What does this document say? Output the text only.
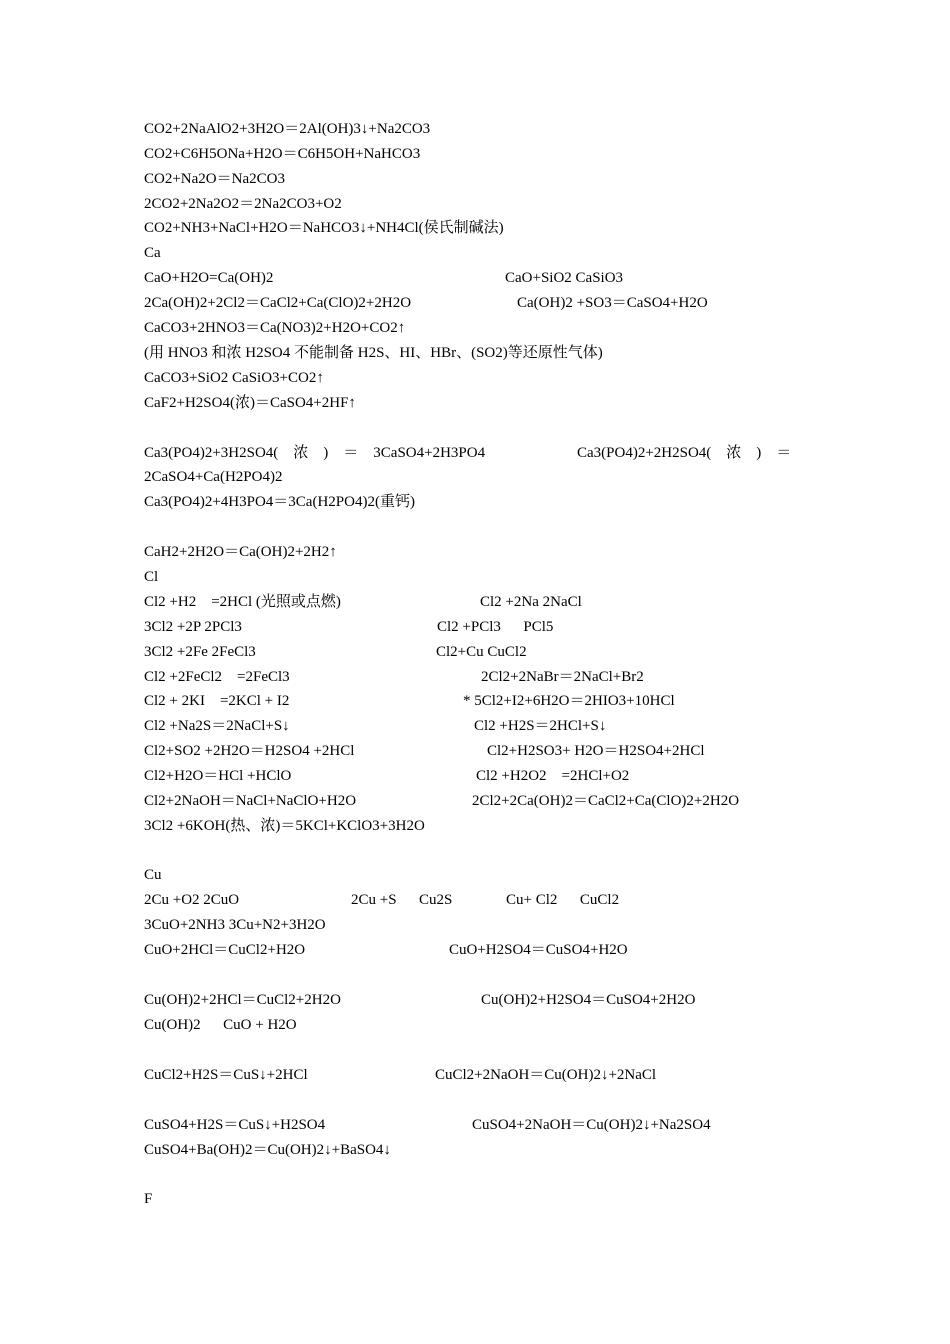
CO2+2NaAlO2+3H2O＝2Al(OH)3↓+Na2CO3
CO2+C6H5ONa+H2O＝C6H5OH+NaHCO3
CO2+Na2O＝Na2CO3
2CO2+2Na2O2＝2Na2CO3+O2
CO2+NH3+NaCl+H2O＝NaHCO3↓+NH4Cl(侯氏制碱法)
Ca
CaO+H2O=Ca(OH)2	CaO+SiO2 CaSiO3
2Ca(OH)2+2Cl2＝CaCl2+Ca(ClO)2+2H2O	Ca(OH)2 +SO3＝CaSO4+H2O
CaCO3+2HNO3＝Ca(NO3)2+H2O+CO2↑
(用 HNO3 和浓 H2SO4 不能制备 H2S、HI、HBr、(SO2)等还原性气体)
CaCO3+SiO2 CaSiO3+CO2↑
CaF2+H2SO4(浓)＝CaSO4+2HF↑
Ca3(PO4)2+3H2SO4(　浓　)　＝　3CaSO4+2H3PO4	Ca3(PO4)2+2H2SO4(　浓　)　＝
2CaSO4+Ca(H2PO4)2
Ca3(PO4)2+4H3PO4＝3Ca(H2PO4)2(重钙)
CaH2+2H2O＝Ca(OH)2+2H2↑
Cl
Cl2 +H2　=2HCl (光照或点燃)	Cl2 +2Na 2NaCl
3Cl2 +2P 2PCl3	Cl2 +PCl3　  PCl5
3Cl2 +2Fe 2FeCl3	Cl2+Cu CuCl2
Cl2 +2FeCl2　=2FeCl3	2Cl2+2NaBr＝2NaCl+Br2
Cl2 + 2KI　=2KCl + I2	* 5Cl2+I2+6H2O＝2HIO3+10HCl
Cl2 +Na2S＝2NaCl+S↓	Cl2 +H2S＝2HCl+S↓
Cl2+SO2 +2H2O＝H2SO4 +2HCl	Cl2+H2SO3+ H2O＝H2SO4+2HCl
Cl2+H2O＝HCl +HClO	Cl2 +H2O2　=2HCl+O2
Cl2+2NaOH＝NaCl+NaClO+H2O	2Cl2+2Ca(OH)2＝CaCl2+Ca(ClO)2+2H2O
3Cl2 +6KOH(热、浓)＝5KCl+KClO3+3H2O
Cu
2Cu +O2 2CuO	2Cu +S　  Cu2S	Cu+ Cl2　  CuCl2
3CuO+2NH3 3Cu+N2+3H2O
CuO+2HCl＝CuCl2+H2O	CuO+H2SO4＝CuSO4+H2O
Cu(OH)2+2HCl＝CuCl2+2H2O	Cu(OH)2+H2SO4＝CuSO4+2H2O
Cu(OH)2　  CuO + H2O
CuCl2+H2S＝CuS↓+2HCl	CuCl2+2NaOH＝Cu(OH)2↓+2NaCl
CuSO4+H2S＝CuS↓+H2SO4	CuSO4+2NaOH＝Cu(OH)2↓+Na2SO4
CuSO4+Ba(OH)2＝Cu(OH)2↓+BaSO4↓
F
